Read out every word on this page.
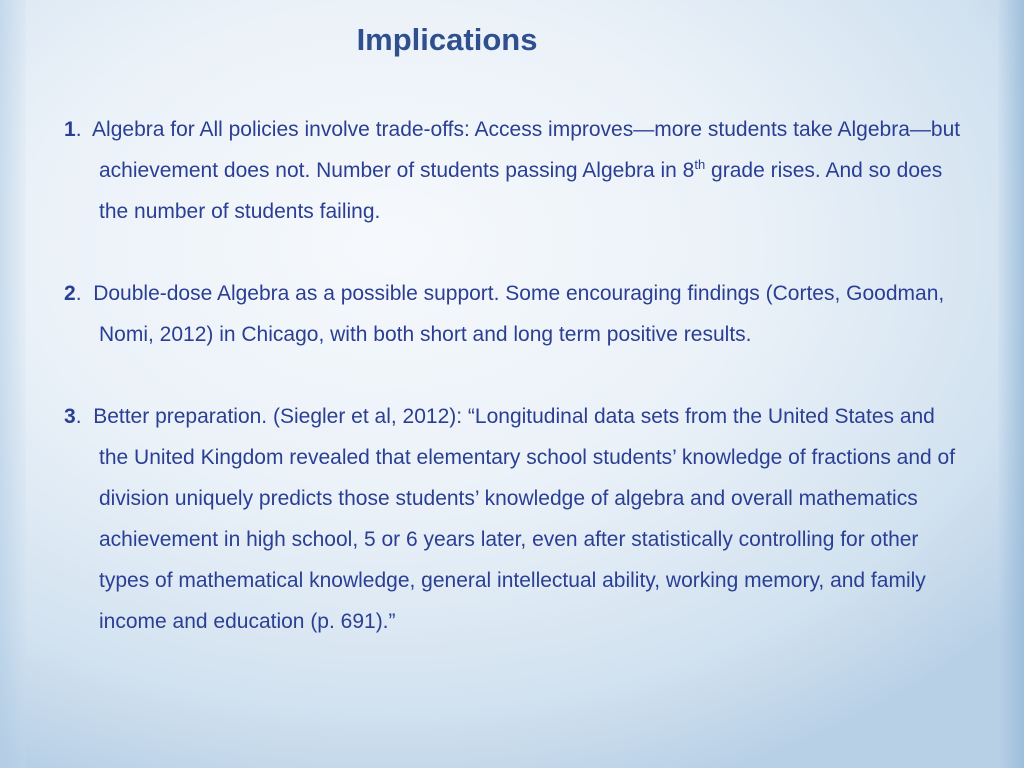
Implications

1.  Algebra for All policies involve trade-offs: Access improves—more students take Algebra—but achievement does not. Number of students passing Algebra in 8th grade rises. And so does the number of students failing.

2.  Double-dose Algebra as a possible support. Some encouraging findings (Cortes, Goodman, Nomi, 2012) in Chicago, with both short and long term positive results.

3.  Better preparation. (Siegler et al, 2012): “Longitudinal data sets from the United States and the United Kingdom revealed that elementary school students’ knowledge of fractions and of division uniquely predicts those students’ knowledge of algebra and overall mathematics achievement in high school, 5 or 6 years later, even after statistically controlling for other types of mathematical knowledge, general intellectual ability, working memory, and family income and education (p. 691).”
